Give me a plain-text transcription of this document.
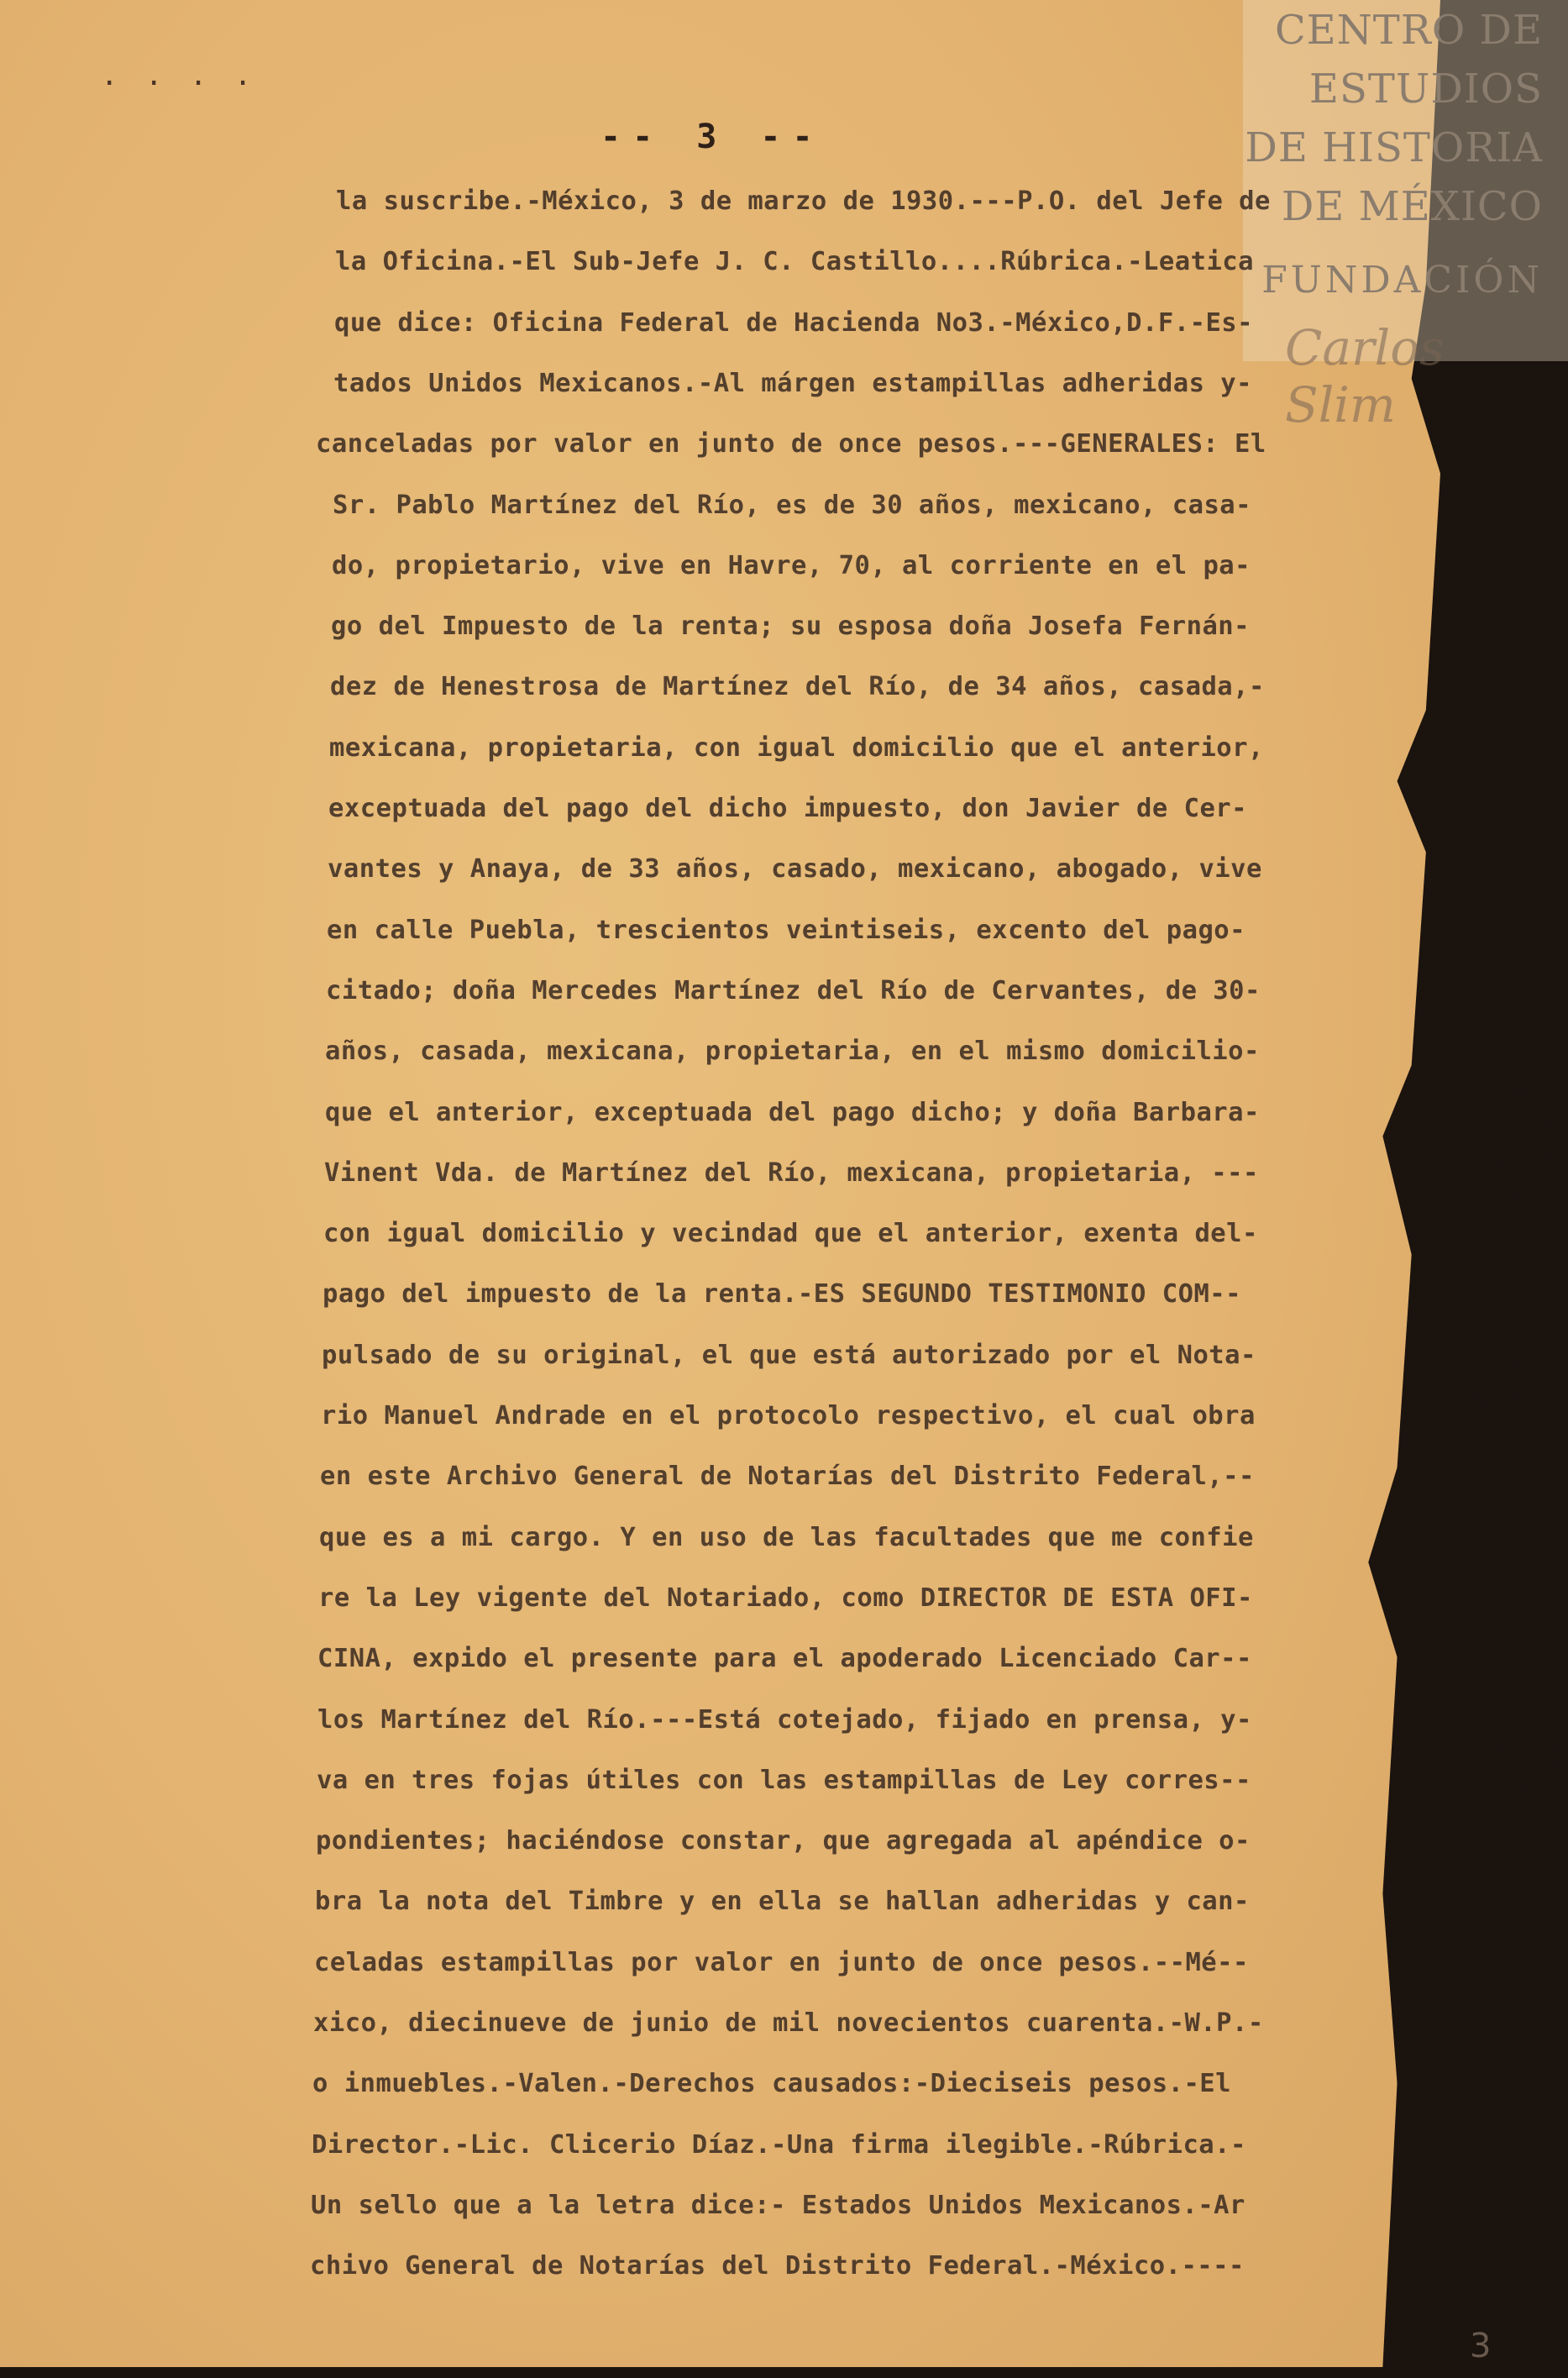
CENTRO DE
ESTUDIOS
DE HISTORIA
DE MÉXICO
FUNDACIÓN
Carlos Slim
. . . .
-- 3 --
la suscribe.-México, 3 de marzo de 1930.---P.O. del Jefe de
la Oficina.-El Sub-Jefe J. C. Castillo....Rúbrica.-Leatica
que dice: Oficina Federal de Hacienda No3.-México,D.F.-Es-
tados Unidos Mexicanos.-Al márgen estampillas adheridas y-
canceladas por valor en junto de once pesos.---GENERALES: El
Sr. Pablo Martínez del Río, es de 30 años, mexicano, casa-
do, propietario, vive en Havre, 70, al corriente en el pa-
go del Impuesto de la renta; su esposa doña Josefa Fernán-
dez de Henestrosa de Martínez del Río, de 34 años, casada,-
mexicana, propietaria, con igual domicilio que el anterior,
exceptuada del pago del dicho impuesto, don Javier de Cer-
vantes y Anaya, de 33 años, casado, mexicano, abogado, vive
en calle Puebla, trescientos veintiseis, excento del pago-
citado; doña Mercedes Martínez del Río de Cervantes, de 30-
años, casada, mexicana, propietaria, en el mismo domicilio-
que el anterior, exceptuada del pago dicho; y doña Barbara-
Vinent Vda. de Martínez del Río, mexicana, propietaria, ---
con igual domicilio y vecindad que el anterior, exenta del-
pago del impuesto de la renta.-ES SEGUNDO TESTIMONIO COM--
pulsado de su original, el que está autorizado por el Nota-
rio Manuel Andrade en el protocolo respectivo, el cual obra
en este Archivo General de Notarías del Distrito Federal,--
que es a mi cargo. Y en uso de las facultades que me confie
re la Ley vigente del Notariado, como DIRECTOR DE ESTA OFI-
CINA, expido el presente para el apoderado Licenciado Car--
los Martínez del Río.---Está cotejado, fijado en prensa, y-
va en tres fojas útiles con las estampillas de Ley corres--
pondientes; haciéndose constar, que agregada al apéndice o-
bra la nota del Timbre y en ella se hallan adheridas y can-
celadas estampillas por valor en junto de once pesos.--Mé--
xico, diecinueve de junio de mil novecientos cuarenta.-W.P.-
o inmuebles.-Valen.-Derechos causados:-Dieciseis pesos.-El
Director.-Lic. Clicerio Díaz.-Una firma ilegible.-Rúbrica.-
Un sello que a la letra dice:- Estados Unidos Mexicanos.-Ar
chivo General de Notarías del Distrito Federal.-México.----
3
